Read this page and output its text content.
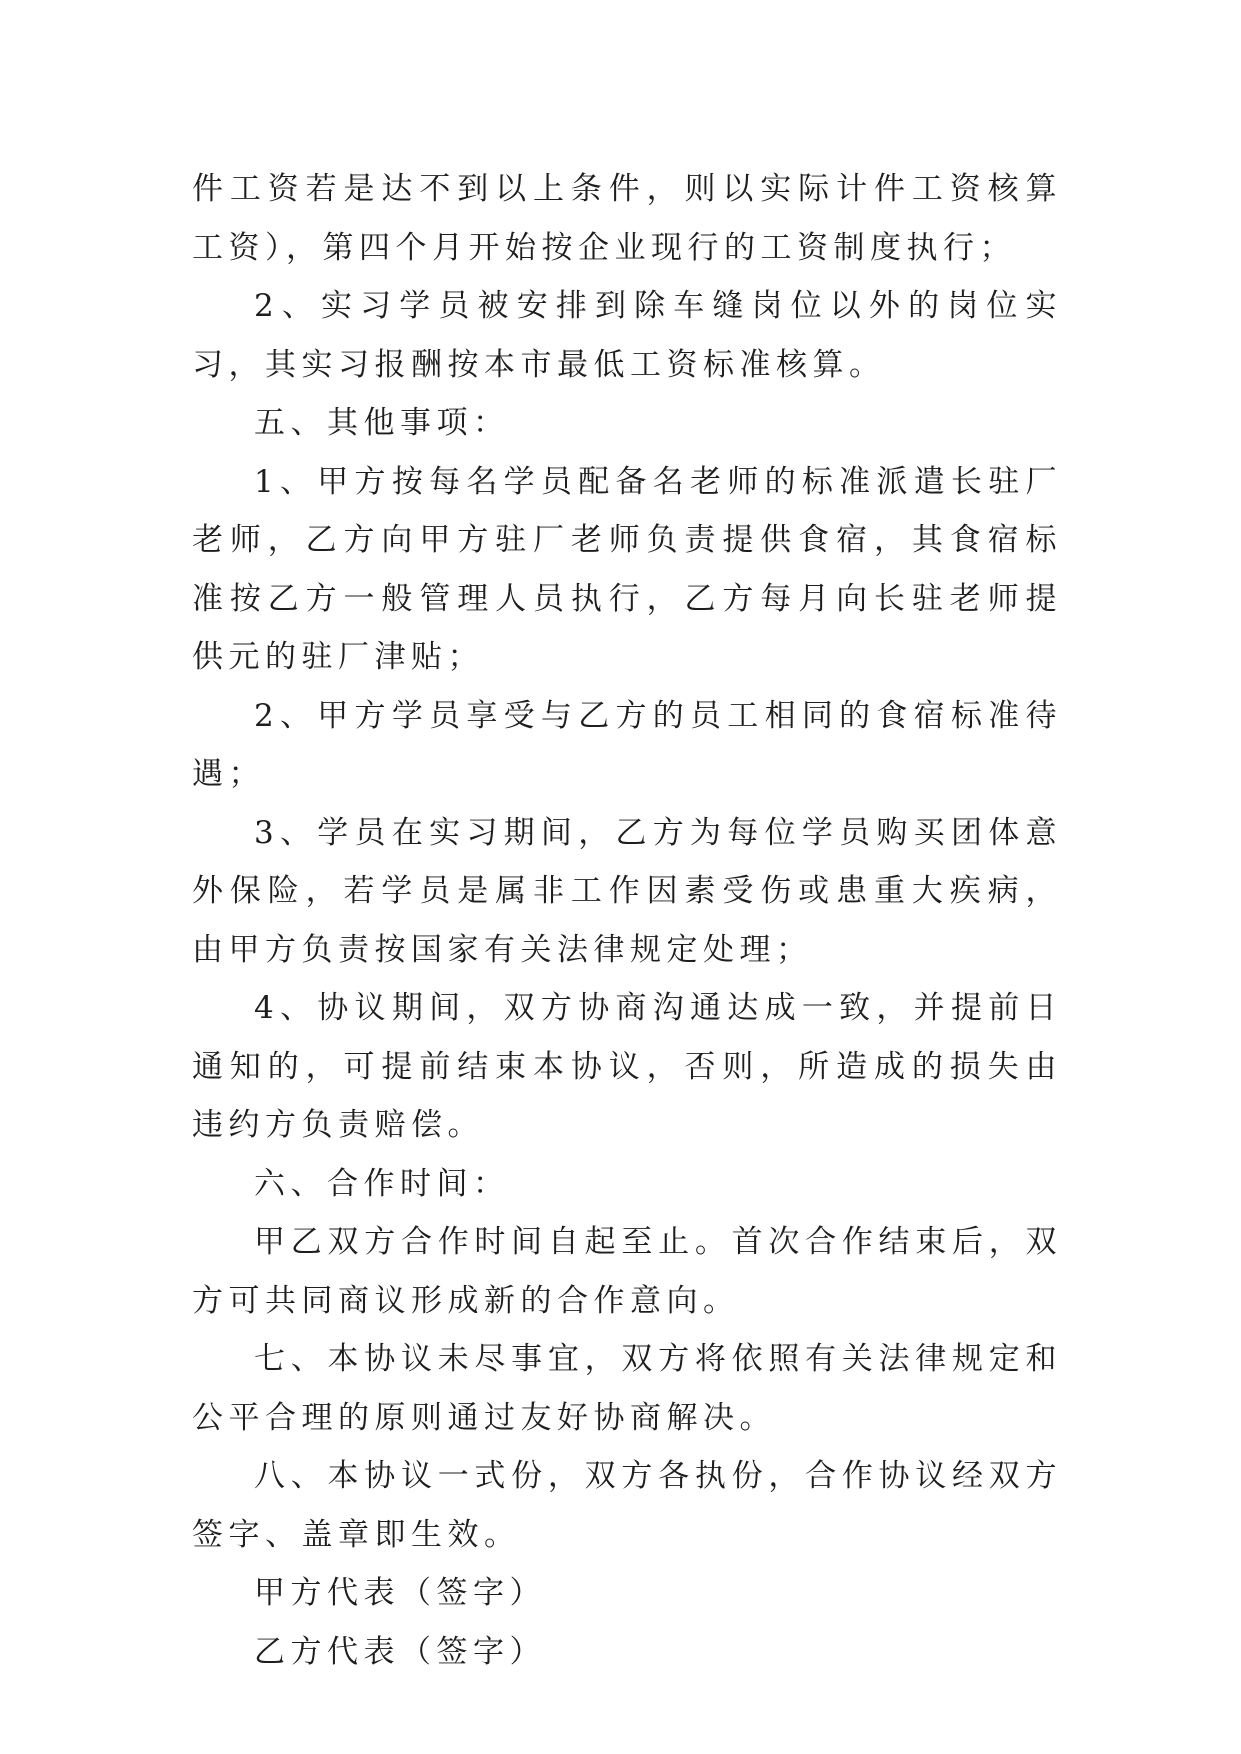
件工资若是达不到以上条件，则以实际计件工资核算工资），第四个月开始按企业现行的工资制度执行；

2、实习学员被安排到除车缝岗位以外的岗位实习，其实习报酬按本市最低工资标准核算。

五、其他事项：

1、甲方按每名学员配备名老师的标准派遣长驻厂老师，乙方向甲方驻厂老师负责提供食宿，其食宿标准按乙方一般管理人员执行，乙方每月向长驻老师提供元的驻厂津贴；

2、甲方学员享受与乙方的员工相同的食宿标准待遇；

3、学员在实习期间，乙方为每位学员购买团体意外保险，若学员是属非工作因素受伤或患重大疾病，由甲方负责按国家有关法律规定处理；

4、协议期间，双方协商沟通达成一致，并提前日通知的，可提前结束本协议，否则，所造成的损失由违约方负责赔偿。

六、合作时间：

甲乙双方合作时间自起至止。首次合作结束后，双方可共同商议形成新的合作意向。

七、本协议未尽事宜，双方将依照有关法律规定和公平合理的原则通过友好协商解决。

八、本协议一式份，双方各执份，合作协议经双方签字、盖章即生效。

甲方代表（签字）

乙方代表（签字）
